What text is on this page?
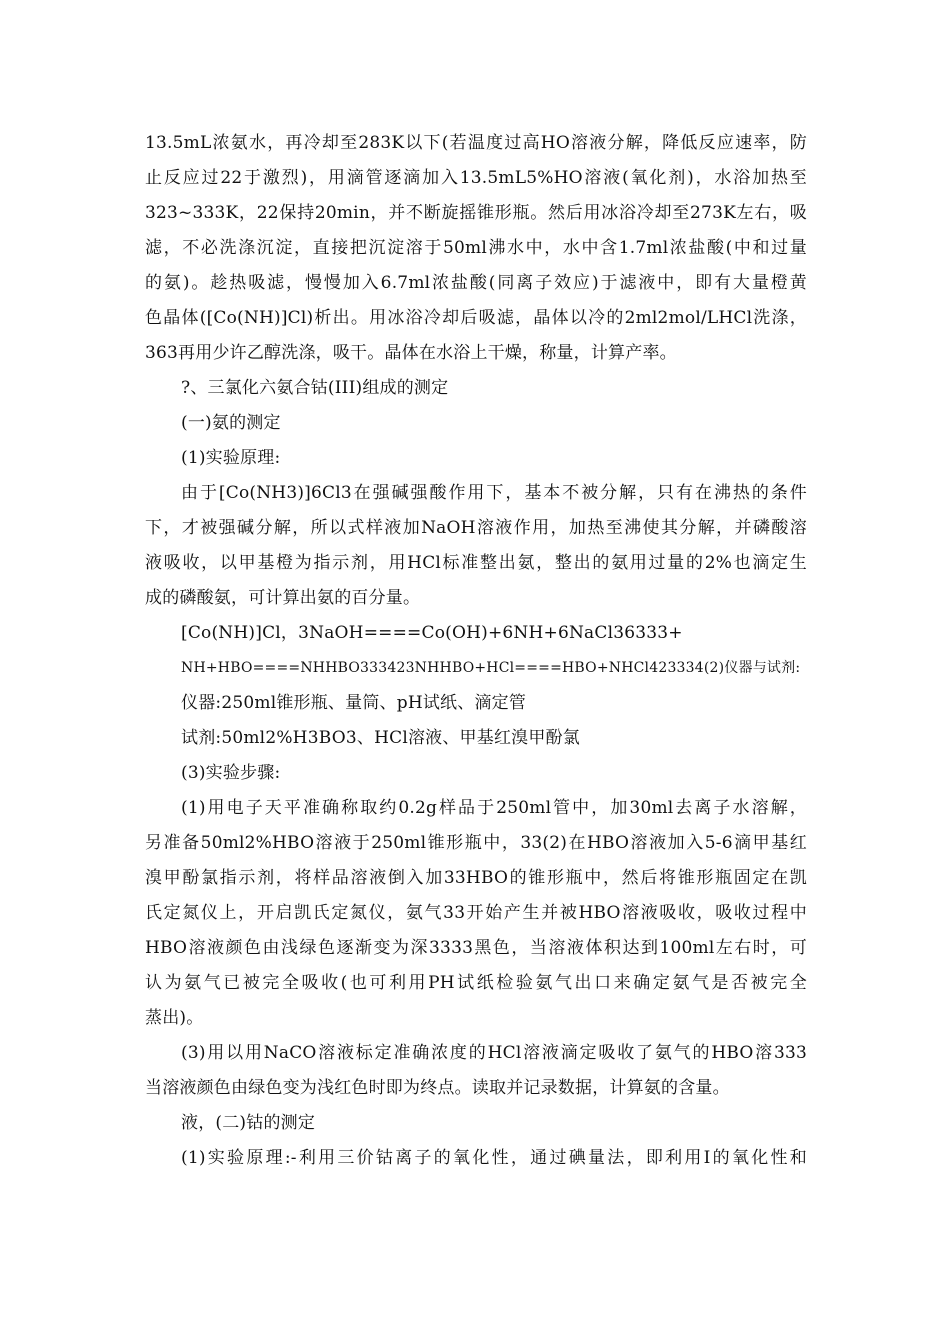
13.5mL浓氨水，再冷却至283K以下(若温度过高HO溶液分解，降低反应速率，防
止反应过22于激烈)，用滴管逐滴加入13.5mL5%HO溶液(氧化剂)，水浴加热至
323~333K，22保持20min，并不断旋摇锥形瓶。然后用冰浴冷却至273K左右，吸
滤，不必洗涤沉淀，直接把沉淀溶于50ml沸水中，水中含1.7ml浓盐酸(中和过量
的氨)。趁热吸滤，慢慢加入6.7ml浓盐酸(同离子效应)于滤液中，即有大量橙黄
色晶体([Co(NH)]Cl)析出。用冰浴冷却后吸滤，晶体以冷的2ml2mol/LHCl洗涤，
363再用少许乙醇洗涤，吸干。晶体在水浴上干燥，称量，计算产率。
?、三氯化六氨合钴(III)组成的测定
(一)氨的测定
(1)实验原理:
由于[Co(NH3)]6Cl3在强碱强酸作用下，基本不被分解，只有在沸热的条件
下，才被强碱分解，所以式样液加NaOH溶液作用，加热至沸使其分解，并磷酸溶
液吸收，以甲基橙为指示剂，用HCl标准整出氨，整出的氨用过量的2%也滴定生
成的磷酸氨，可计算出氨的百分量。
[Co(NH)]Cl，3NaOH====Co(OH)+6NH+6NaCl36333+
NH+HBO====NHHBO333423NHHBO+HCl====HBO+NHCl423334(2)仪器与试剂:
仪器:250ml锥形瓶、量筒、pH试纸、滴定管
试剂:50ml2%H3BO3、HCl溶液、甲基红溴甲酚氯
(3)实验步骤:
(1)用电子天平准确称取约0.2g样品于250ml管中，加30ml去离子水溶解，
另准备50ml2%HBO溶液于250ml锥形瓶中，33(2)在HBO溶液加入5-6滴甲基红
溴甲酚氯指示剂，将样品溶液倒入加33HBO的锥形瓶中，然后将锥形瓶固定在凯
氏定氮仪上，开启凯氏定氮仪，氨气33开始产生并被HBO溶液吸收，吸收过程中
HBO溶液颜色由浅绿色逐渐变为深3333黑色，当溶液体积达到100ml左右时，可
认为氨气已被完全吸收(也可利用PH试纸检验氨气出口来确定氨气是否被完全
蒸出)。
(3)用以用NaCO溶液标定准确浓度的HCl溶液滴定吸收了氨气的HBO溶333
当溶液颜色由绿色变为浅红色时即为终点。读取并记录数据，计算氨的含量。
液，(二)钴的测定
(1)实验原理:-利用三价钴离子的氧化性，通过碘量法，即利用I的氧化性和
